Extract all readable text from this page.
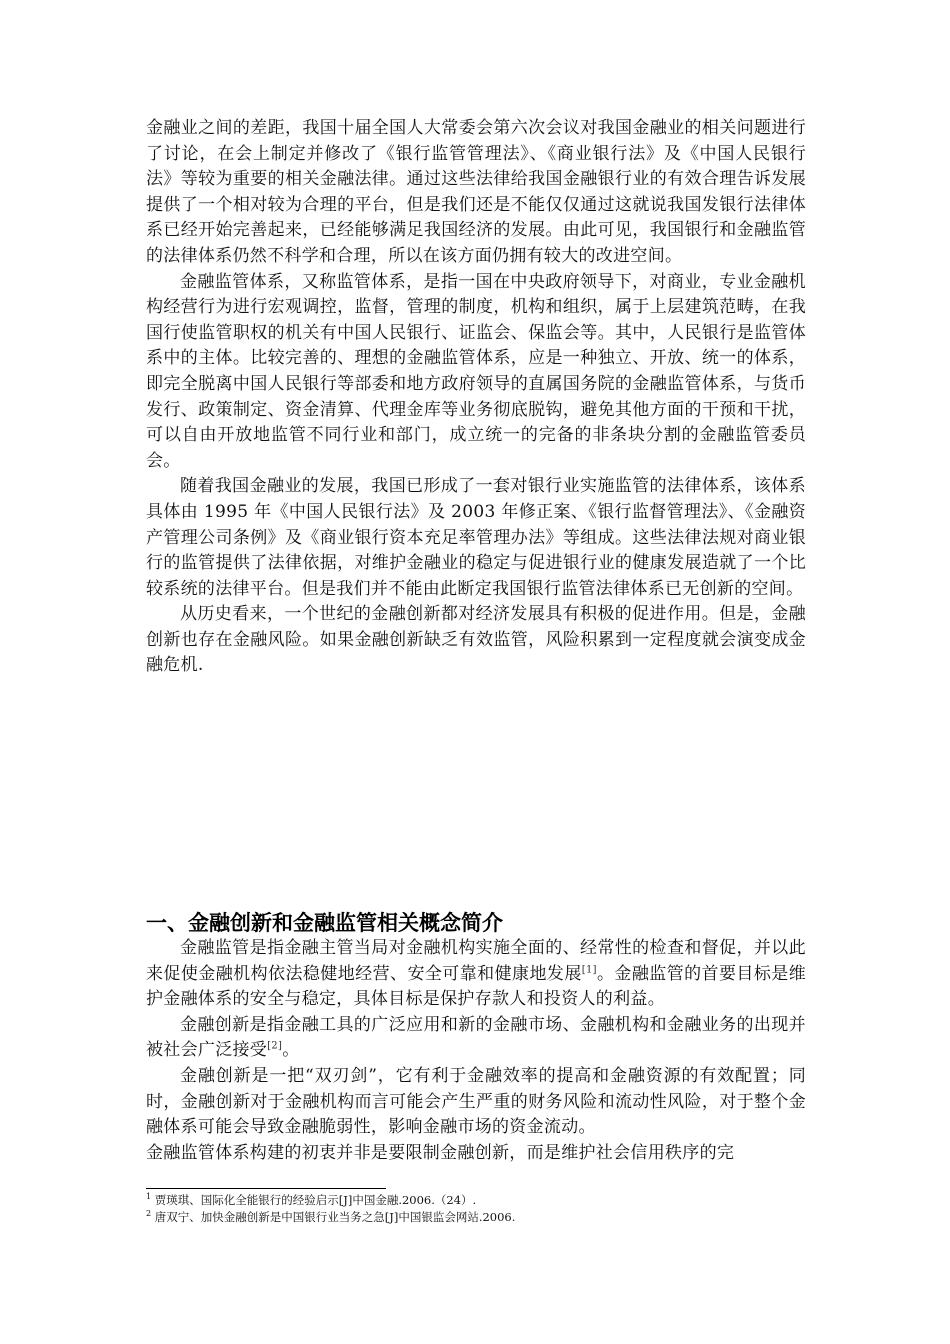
金融业之间的差距，我国十届全国人大常委会第六次会议对我国金融业的相关问题进行了讨论，在会上制定并修改了《银行监管管理法》、《商业银行法》及《中国人民银行法》等较为重要的相关金融法律。通过这些法律给我国金融银行业的有效合理告诉发展提供了一个相对较为合理的平台，但是我们还是不能仅仅通过这就说我国发银行法律体系已经开始完善起来，已经能够满足我国经济的发展。由此可见，我国银行和金融监管的法律体系仍然不科学和合理，所以在该方面仍拥有较大的改进空间。

金融监管体系，又称监管体系，是指一国在中央政府领导下，对商业，专业金融机构经营行为进行宏观调控，监督，管理的制度，机构和组织，属于上层建筑范畴，在我国行使监管职权的机关有中国人民银行、证监会、保监会等。其中，人民银行是监管体系中的主体。比较完善的、理想的金融监管体系，应是一种独立、开放、统一的体系，即完全脱离中国人民银行等部委和地方政府领导的直属国务院的金融监管体系，与货币发行、政策制定、资金清算、代理金库等业务彻底脱钩，避免其他方面的干预和干扰，可以自由开放地监管不同行业和部门，成立统一的完备的非条块分割的金融监管委员会。

随着我国金融业的发展，我国已形成了一套对银行业实施监管的法律体系，该体系具体由 1995 年《中国人民银行法》及 2003 年修正案、《银行监督管理法》、《金融资产管理公司条例》及《商业银行资本充足率管理办法》等组成。这些法律法规对商业银行的监管提供了法律依据，对维护金融业的稳定与促进银行业的健康发展造就了一个比较系统的法律平台。但是我们并不能由此断定我国银行监管法律体系已无创新的空间。

从历史看来，一个世纪的金融创新都对经济发展具有积极的促进作用。但是，金融创新也存在金融风险。如果金融创新缺乏有效监管，风险积累到一定程度就会演变成金融危机.

一、金融创新和金融监管相关概念简介

金融监管是指金融主管当局对金融机构实施全面的、经常性的检查和督促，并以此来促使金融机构依法稳健地经营、安全可靠和健康地发展[1]。金融监管的首要目标是维护金融体系的安全与稳定，具体目标是保护存款人和投资人的利益。

金融创新是指金融工具的广泛应用和新的金融市场、金融机构和金融业务的出现并被社会广泛接受[2]。

金融创新是一把“双刃剑”，它有利于金融效率的提高和金融资源的有效配置；同时，金融创新对于金融机构而言可能会产生严重的财务风险和流动性风险，对于整个金融体系可能会导致金融脆弱性，影响金融市场的资金流动。

金融监管体系构建的初衷并非是要限制金融创新，而是维护社会信用秩序的完

$^1$ 贾瑛琪、国际化全能银行的经验启示[J]中国金融.2006.（24）.

$^2$ 唐双宁、加快金融创新是中国银行业当务之急[J]中国银监会网站.2006.
